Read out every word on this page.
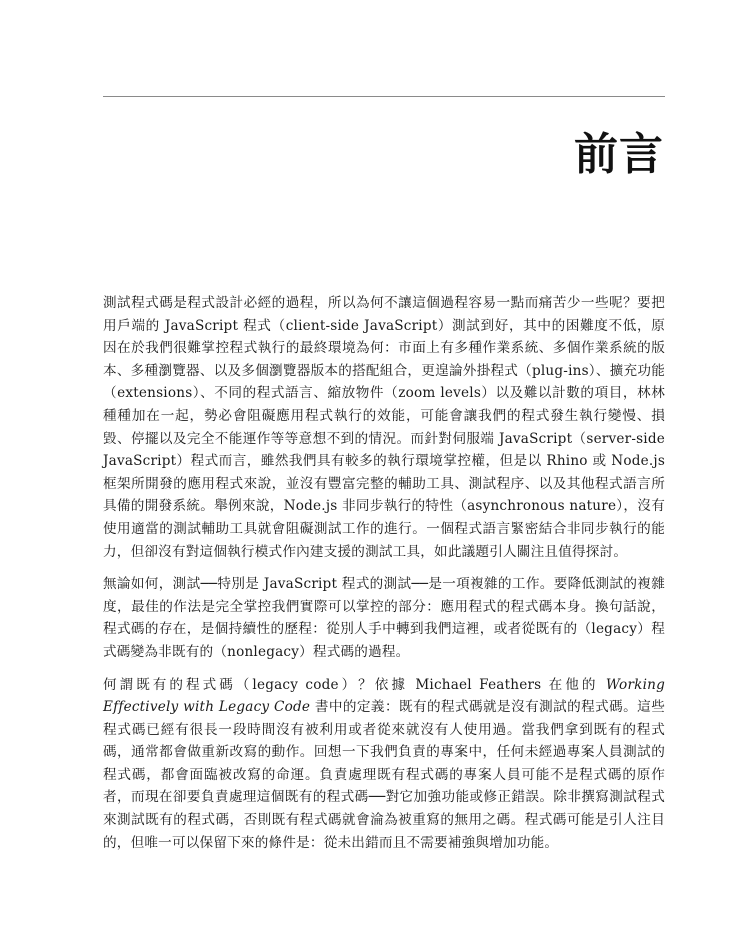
前言

測試程式碼是程式設計必經的過程，所以為何不讓這個過程容易一點而痛苦少一些呢？要把用戶端的 JavaScript 程式（client-side JavaScript）測試到好，其中的困難度不低，原因在於我們很難掌控程式執行的最終環境為何：市面上有多種作業系統、多個作業系統的版本、多種瀏覽器、以及多個瀏覽器版本的搭配組合，更遑論外掛程式（plug-ins）、擴充功能（extensions）、不同的程式語言、縮放物件（zoom levels）以及難以計數的項目，林林種種加在一起，勢必會阻礙應用程式執行的效能，可能會讓我們的程式發生執行變慢、損毀、停擺以及完全不能運作等等意想不到的情況。而針對伺服端 JavaScript（server-side JavaScript）程式而言，雖然我們具有較多的執行環境掌控權，但是以 Rhino 或 Node.js 框架所開發的應用程式來說，並沒有豐富完整的輔助工具、測試程序、以及其他程式語言所具備的開發系統。舉例來說，Node.js 非同步執行的特性（asynchronous nature），沒有使用適當的測試輔助工具就會阻礙測試工作的進行。一個程式語言緊密結合非同步執行的能力，但卻沒有對這個執行模式作內建支援的測試工具，如此議題引人關注且值得探討。

無論如何，測試──特別是 JavaScript 程式的測試──是一項複雜的工作。要降低測試的複雜度，最佳的作法是完全掌控我們實際可以掌控的部分：應用程式的程式碼本身。換句話說，程式碼的存在，是個持續性的歷程：從別人手中轉到我們這裡，或者從既有的（legacy）程式碼變為非既有的（nonlegacy）程式碼的過程。

何謂既有的程式碼（legacy code）？依據 Michael Feathers 在他的 Working Effectively with Legacy Code 書中的定義：既有的程式碼就是沒有測試的程式碼。這些程式碼已經有很長一段時間沒有被利用或者從來就沒有人使用過。當我們拿到既有的程式碼，通常都會做重新改寫的動作。回想一下我們負責的專案中，任何未經過專案人員測試的程式碼，都會面臨被改寫的命運。負責處理既有程式碼的專案人員可能不是程式碼的原作者，而現在卻要負責處理這個既有的程式碼──對它加強功能或修正錯誤。除非撰寫測試程式來測試既有的程式碼，否則既有程式碼就會淪為被重寫的無用之碼。程式碼可能是引人注目的，但唯一可以保留下來的條件是：從未出錯而且不需要補強與增加功能。
